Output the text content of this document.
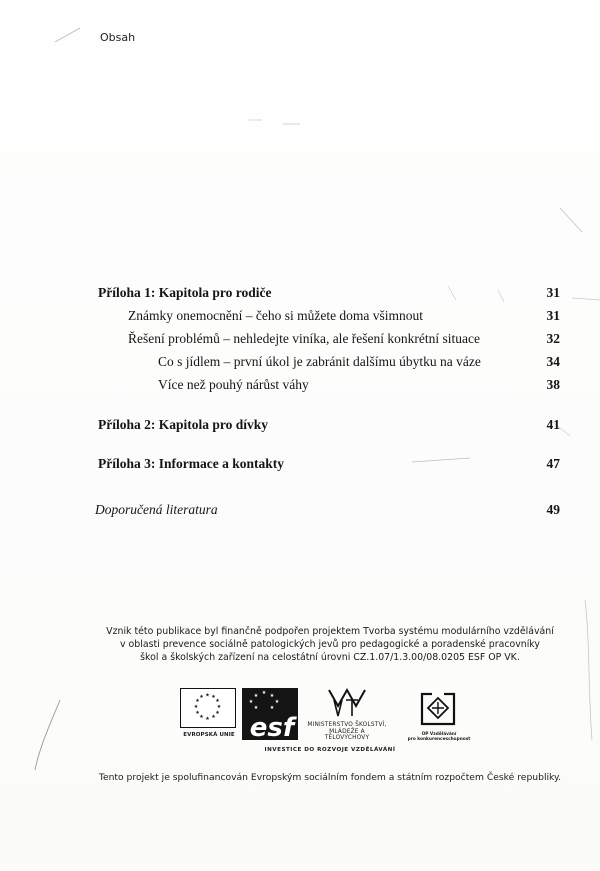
Obsah
Příloha 1: Kapitola pro rodiče	31
Známky onemocnění – čeho si můžete doma všimnout	31
Řešení problémů – nehledejte viníka, ale řešení konkrétní situace	32
Co s jídlem – první úkol je zabránit dalšímu úbytku na váze	34
Více než pouhý nárůst váhy	38
Příloha 2: Kapitola pro dívky	41
Příloha 3: Informace a kontakty	47
Doporučená literatura	49
Vznik této publikace byl finančně podpořen projektem Tvorba systému modulárního vzdělávání
v oblasti prevence sociálně patologických jevů pro pedagogické a poradenské pracovníky
škol a školských zařízení na celostátní úrovni CZ.1.07/1.3.00/08.0205 ESF OP VK.
★ ★
★
★
★
★
★
★
★
★
★
★
EVROPSKÁ UNIE
★ ★ ★
★	★
★ ★
esf	MINISTERSTVO ŠKOLSTVÍ,
MLÁDEŽE A TĚLOVÝCHOVY
OP Vzdělávání
pro konkurenceschopnost
INVESTICE DO ROZVOJE VZDĚLÁVÁNÍ
Tento projekt je spolufinancován Evropským sociálním fondem a státním rozpočtem České republiky.
